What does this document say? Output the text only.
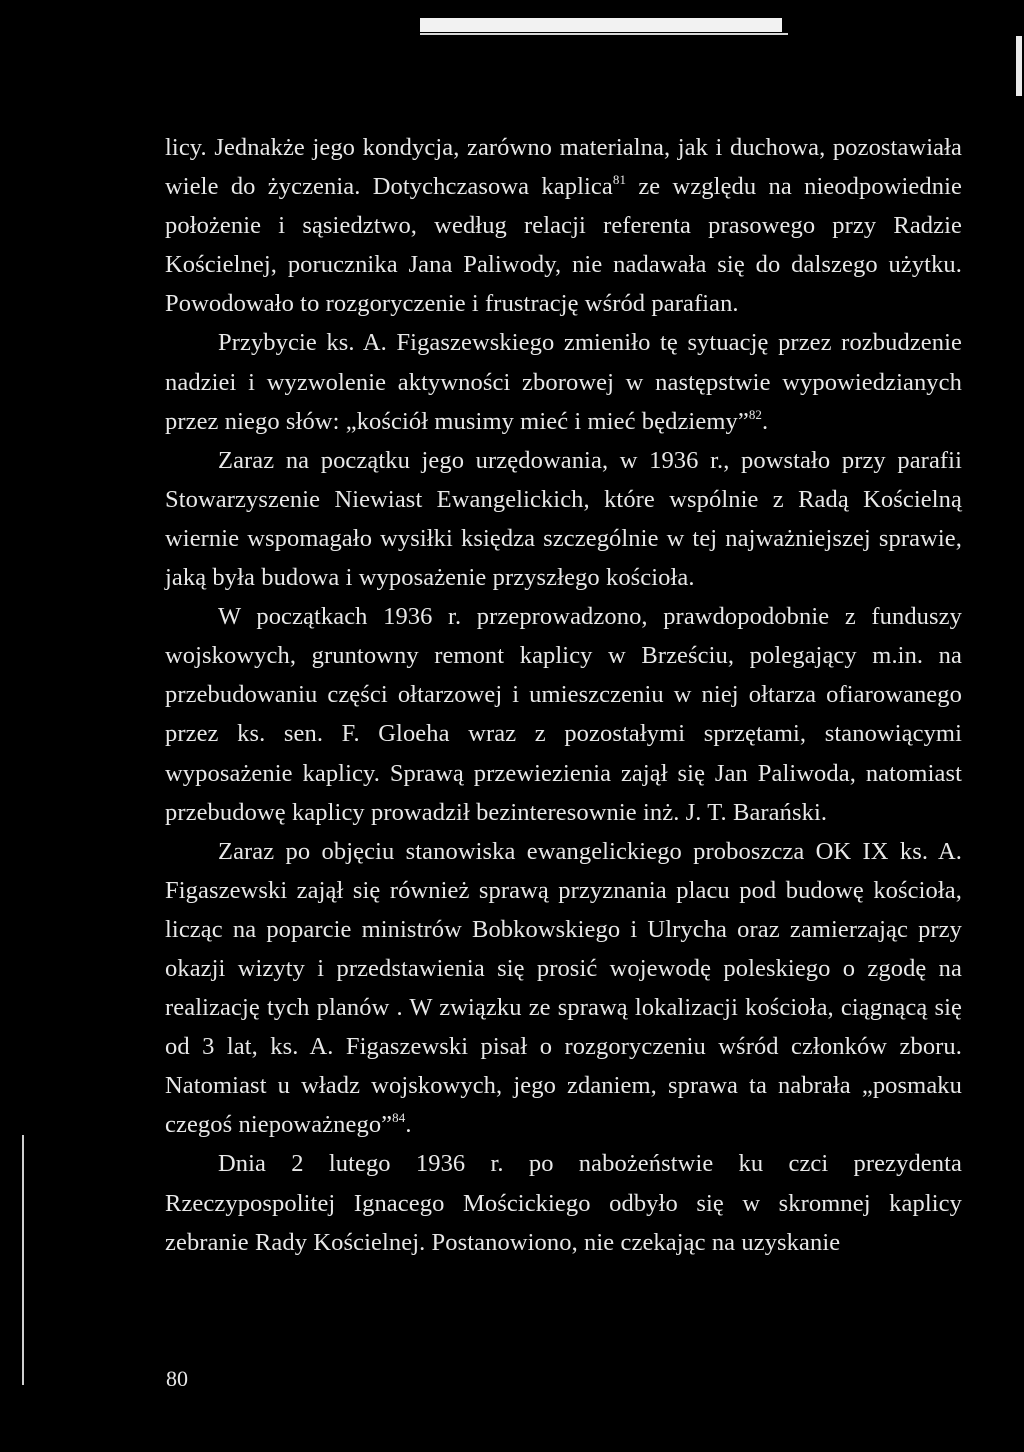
licy. Jednakże jego kondycja, zarówno materialna, jak i duchowa, pozostawiała wiele do życzenia. Dotychczasowa kaplica$^{81}$ ze względu na nieodpowiednie położenie i sąsiedztwo, według relacji referenta prasowego przy Radzie Kościelnej, porucznika Jana Paliwody, nie nadawała się do dalszego użytku. Powodowało to rozgoryczenie i frustrację wśród parafian.

Przybycie ks. A. Figaszewskiego zmieniło tę sytuację przez rozbudzenie nadziei i wyzwolenie aktywności zborowej w następstwie wypowiedzianych przez niego słów: „kościół musimy mieć i mieć będziemy”$^{82}$.

Zaraz na początku jego urzędowania, w 1936 r., powstało przy parafii Stowarzyszenie Niewiast Ewangelickich, które wspólnie z Radą Kościelną wiernie wspomagało wysiłki księdza szczególnie w tej najważniejszej sprawie, jaką była budowa i wyposażenie przyszłego kościoła.

W początkach 1936 r. przeprowadzono, prawdopodobnie z funduszy wojskowych, gruntowny remont kaplicy w Brześciu, polegający m.in. na przebudowaniu części ołtarzowej i umieszczeniu w niej ołtarza ofiarowanego przez ks. sen. F. Gloeha wraz z pozostałymi sprzętami, stanowiącymi wyposażenie kaplicy. Sprawą przewiezienia zajął się Jan Paliwoda, natomiast przebudowę kaplicy prowadził bezinteresownie inż. J. T. Barański.

Zaraz po objęciu stanowiska ewangelickiego proboszcza OK IX ks. A. Figaszewski zajął się również sprawą przyznania placu pod budowę kościoła, licząc na poparcie ministrów Bobkowskiego i Ulrycha oraz zamierzając przy okazji wizyty i przedstawienia się prosić wojewodę poleskiego o zgodę na realizację tych planów . W związku ze sprawą lokalizacji kościoła, ciągnącą się od 3 lat, ks. A. Figaszewski pisał o rozgoryczeniu wśród członków zboru. Natomiast u władz wojskowych, jego zdaniem, sprawa ta nabrała „posmaku czegoś niepoważnego”$^{84}$.

Dnia 2 lutego 1936 r. po nabożeństwie ku czci prezydenta Rzeczypospolitej Ignacego Mościckiego odbyło się w skromnej kaplicy zebranie Rady Kościelnej. Postanowiono, nie czekając na uzyskanie

80
